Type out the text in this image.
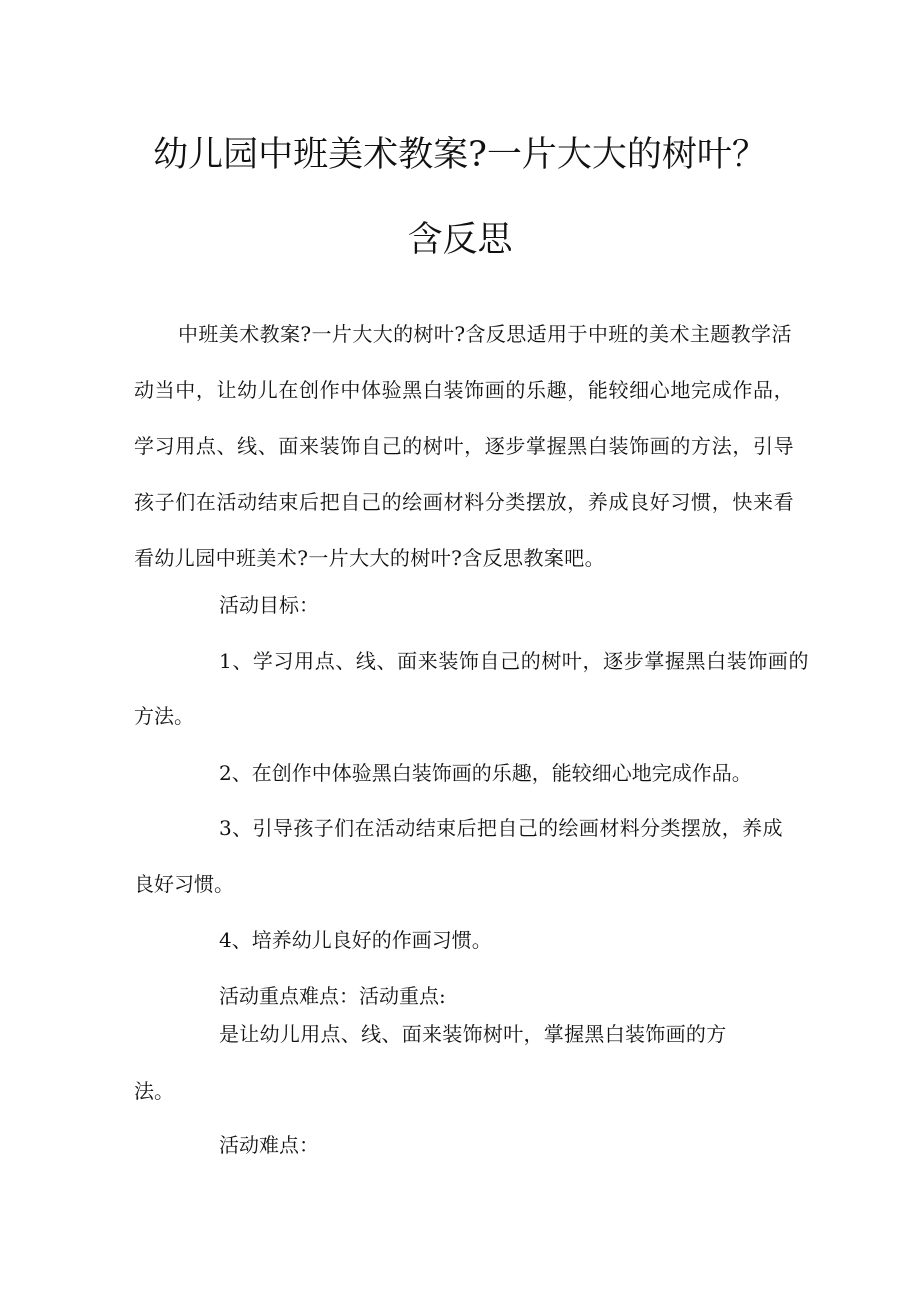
幼儿园中班美术教案?一片大大的树叶？
含反思
中班美术教案?一片大大的树叶?含反思适用于中班的美术主题教学活
动当中，让幼儿在创作中体验黑白装饰画的乐趣，能较细心地完成作品，
学习用点、线、面来装饰自己的树叶，逐步掌握黑白装饰画的方法，引导
孩子们在活动结束后把自己的绘画材料分类摆放，养成良好习惯，快来看
看幼儿园中班美术?一片大大的树叶?含反思教案吧。

活动目标：

1、学习用点、线、面来装饰自己的树叶，逐步掌握黑白装饰画的

方法。

2、在创作中体验黑白装饰画的乐趣，能较细心地完成作品。

3、引导孩子们在活动结束后把自己的绘画材料分类摆放，养成

良好习惯。

4、培养幼儿良好的作画习惯。

活动重点难点：活动重点:

是让幼儿用点、线、面来装饰树叶，掌握黑白装饰画的方

法。

活动难点：
